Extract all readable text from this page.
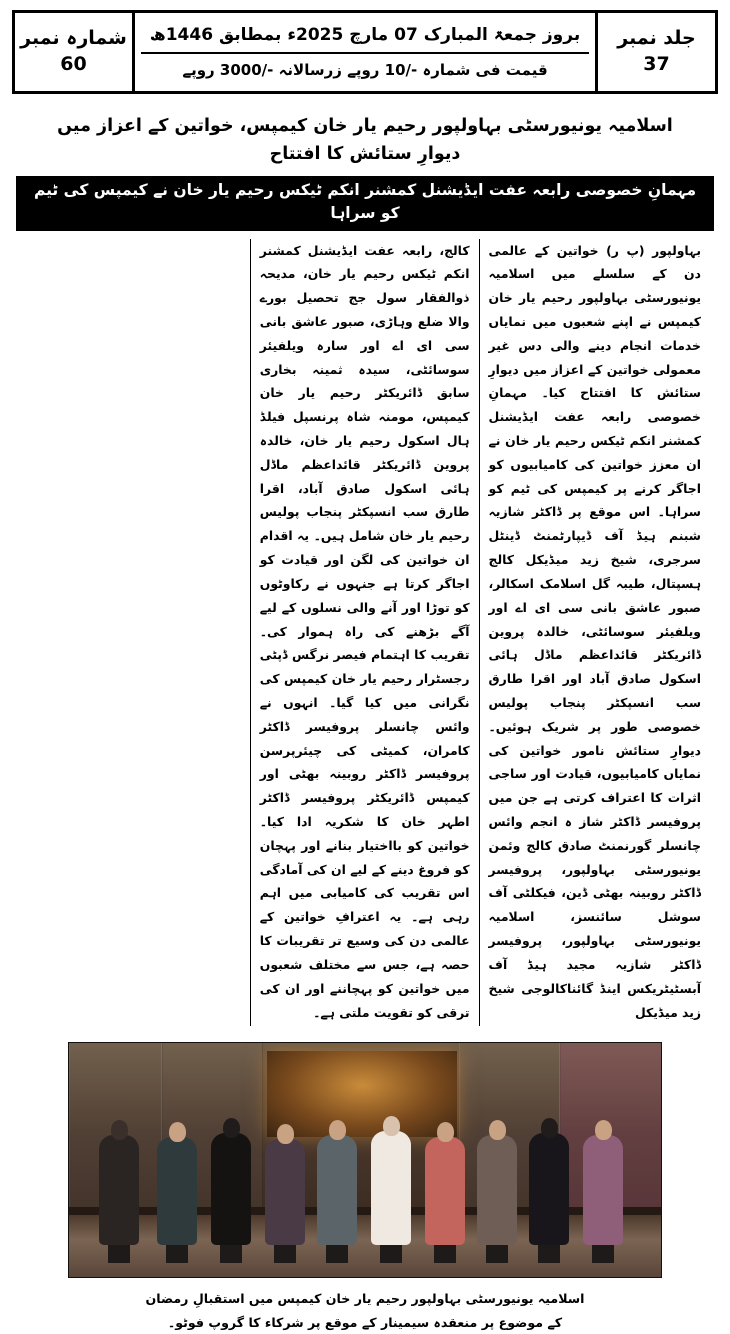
جلد نمبر 37
بروز جمعۃ المبارک 07 مارچ 2025ء بمطابق 1446ھ
قیمت فی شمارہ -/10 روپے زرسالانہ -/3000 روپے
شمارہ نمبر 60
اسلامیہ یونیورسٹی بہاولپور رحیم یار خان کیمپس، خواتین کے اعزاز میں دیوارِ ستائش کا افتتاح
مہمانِ خصوصی رابعہ عفت ایڈیشنل کمشنر انکم ٹیکس رحیم یار خان نے کیمپس کی ٹیم کو سراہا

بہاولپور (پ ر) خواتین کے عالمی دن کے سلسلے میں اسلامیہ یونیورسٹی بہاولپور رحیم یار خان کیمپس نے اپنے شعبوں میں نمایاں خدمات انجام دینے والی دس غیر معمولی خواتین کے اعزاز میں دیوارِ ستائش کا افتتاح کیا۔ مہمانِ خصوصی رابعہ عفت ایڈیشنل کمشنر انکم ٹیکس رحیم یار خان نے ان معزز خواتین کی کامیابیوں کو اجاگر کرنے پر کیمپس کی ٹیم کو سراہا۔ اس موقع پر ڈاکٹر شازیہ شبنم ہیڈ آف ڈیپارٹمنٹ ڈینٹل سرجری، شیخ زید میڈیکل کالج ہسپتال، طیبہ گل اسلامک اسکالر، صبور عاشق بانی سی ای اے اور ویلفیئر سوسائٹی، خالدہ پروین ڈائریکٹر قائداعظم ماڈل ہائی اسکول صادق آباد اور اقرا طارق سب انسپکٹر پنجاب پولیس خصوصی طور پر شریک ہوئیں۔ دیوارِ ستائش نامور خواتین کی نمایاں کامیابیوں، قیادت اور ساجی اثرات کا اعتراف کرتی ہے جن میں پروفیسر ڈاکٹر شاز ہ انجم وائس چانسلر گورنمنٹ صادق کالج وئمن یونیورسٹی بہاولپور، پروفیسر ڈاکٹر روبینہ بھٹی ڈین، فیکلٹی آف سوشل سائنسز، اسلامیہ یونیورسٹی بہاولپور، پروفیسر ڈاکٹر شازیہ مجید ہیڈ آف آبسٹیٹریکس اینڈ گائناکالوجی شیخ زید میڈیکل

کالج، رابعہ عفت ایڈیشنل کمشنر انکم ٹیکس رحیم یار خان، مدیحہ ذوالفقار سول جج تحصیل بورے والا ضلع وہاڑی، صبور عاشق بانی سی ای اے اور سارہ ویلفیئر سوسائٹی، سیدہ ثمینہ بخاری سابق ڈائریکٹر رحیم یار خان کیمپس، مومنہ شاہ پرنسپل فیلڈ ہال اسکول رحیم یار خان، خالدہ پروین ڈائریکٹر قائداعظم ماڈل ہائی اسکول صادق آباد، اقرا طارق سب انسپکٹر پنجاب پولیس رحیم یار خان شامل ہیں۔ یہ اقدام ان خواتین کی لگن اور قیادت کو اجاگر کرتا ہے جنہوں نے رکاوٹوں کو توڑا اور آنے والی نسلوں کے لیے آگے بڑھنے کی راہ ہموار کی۔ تقریب کا اہتمام فیصر نرگس ڈپٹی رجسٹرار رحیم یار خان کیمپس کی نگرانی میں کیا گیا۔ انہوں نے وائس چانسلر پروفیسر ڈاکٹر کامران، کمیٹی کی چیئرپرسن پروفیسر ڈاکٹر روبینہ بھٹی اور کیمپس ڈائریکٹر پروفیسر ڈاکٹر اطہر خان کا شکریہ ادا کیا۔ خواتین کو بااختیار بنانے اور پہچان کو فروغ دینے کے لیے ان کی آمادگی اس تقریب کی کامیابی میں اہم رہی ہے۔ یہ اعترافِ خواتین کے عالمی دن کی وسیع تر تقریبات کا حصہ ہے، جس سے مختلف شعبوں میں خواتین کو پہچاننے اور ان کی ترقی کو تقویت ملتی ہے۔

اسلامیہ یونیورسٹی بہاولپور رحیم یار خان کیمپس میں استقبالِ رمضان کے موضوع پر منعقدہ سیمینار کے موقع پر شرکاء کا گروپ فوٹو۔
